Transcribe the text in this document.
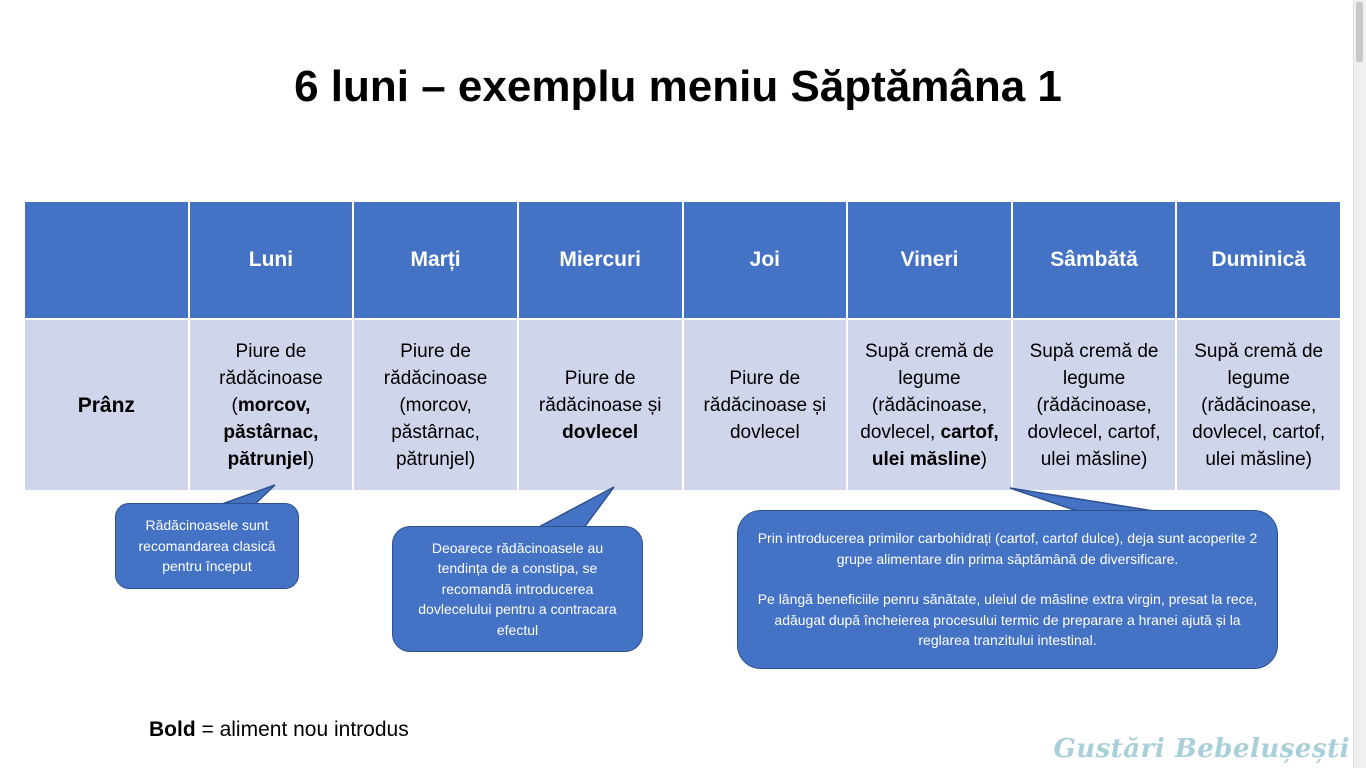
6 luni – exemplu meniu Săptămâna 1
	Luni	Marți	Miercuri	Joi	Vineri	Sâmbătă	Duminică
Prânz	Piure de rădăcinoase (morcov, păstârnac, pătrunjel)	Piure de rădăcinoase (morcov, păstârnac, pătrunjel)	Piure de rădăcinoase și dovlecel	Piure de rădăcinoase și dovlecel	Supă cremă de legume (rădăcinoase, dovlecel, cartof, ulei măsline)	Supă cremă de legume (rădăcinoase, dovlecel, cartof, ulei măsline)	Supă cremă de legume (rădăcinoase, dovlecel, cartof, ulei măsline)
Rădăcinoasele sunt recomandarea clasică pentru început
Deoarece rădăcinoasele au tendința de a constipa, se recomandă introducerea dovlecelului pentru a contracara efectul
Prin introducerea primilor carbohidrați (cartof, cartof dulce), deja sunt acoperite 2 grupe alimentare din prima săptămână de diversificare.
Pe lângă beneficiile penru sănătate, uleiul de măsline extra virgin, presat la rece, adăugat după încheierea procesului termic de preparare a hranei ajută și la reglarea tranzitului intestinal.
Bold = aliment nou introdus
Gustări Bebelușești
